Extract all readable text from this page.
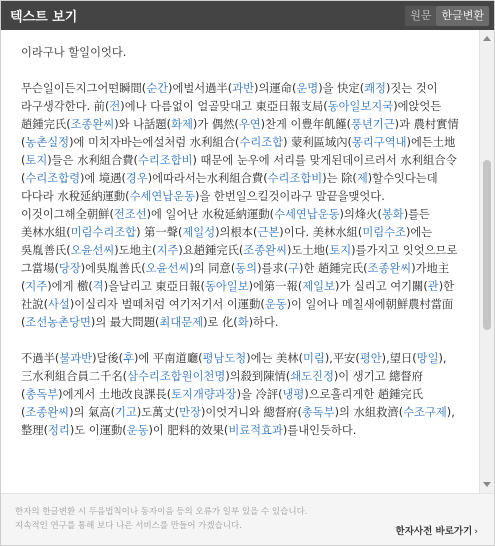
텍스트 보기	원문 한글변환

이라구나 할일이엇다.

무슨일이든지그어떤瞬間(순간)에벌서過半(과반)의運命(운명)을 快定(쾌정)짓는 것이 라구생각한다. 前(전)에나 다름없이 얼골맞대고 東亞日報支局(동아일보지국)에앉엇든 趙鍾完氏(조종완씨)와 나話題(화제)가 偶然(우연)찬게 이豊年飢饉(풍년기근)과 農村實情(농촌실정)에 미치자바는에설처럼 水利組合(수리조합) 蒙利區域內(몽리구역내)에든土地(토지)들은 水利組合費(수리조합비) 때문에 눈우에 서리를 맞게된데이르러서 水利組合令(수리조합령)에 境遇(경우)에따라서는水利組合費(수리조합비)는 除(제)할수잇다는데 다다라 水稅延納運動(수세연납운동)을 한번일으킬것이라구 말끝을맺엇다. 이것이그해全朝鮮(전조선)에 일어난 水稅延納運動(수세연납운동)의烽火(봉화)를든 美林水組(미림수리조합) 第一聲(제일성)의根本(근본)이다. 美林水組(미림수조)에는 吳胤善氏(오윤선씨)도地主(지주)요趙鍾完氏(조종완씨)도土地(토지)를가지고 잇엇으므로 그當場(당장)에吳胤善氏(오윤선씨)의 同意(동의)를求(구)한 趙鍾完氏(조종완씨)가地主(지주)에게 檄(격)을날리고 東亞日報(동아일보)에第一報(제일보)가 실리고 여기關(관)한 社說(사설)이실리자 벌떼처럼 여기저기서 이運動(운동)이 일어나 메칠새에朝鮮農村當面(조선농촌당면)의 最大問題(최대문제)로 化(화)하다.

不過半(불과반)달後(후)에 平南道廳(평남도청)에는 美林(미림),平安(평안),望日(망일),三水利組合員二千名(삼수리조합원이천명)의殺到陳情(쇄도진정)이 생기고 總督府(총독부)에게서 土地改良課長(토지개량과장)을 冷評(냉평)으로흘리게한 趙鍾完氏(조종완씨)의 氣高(기고)도萬丈(만장)이엇거니와 總督府(총독부)의 水組救濟(수조구제),整理(정리)도 이運動(운동)이 肥料的效果(비료적효과)를내인듯하다.

한자의 한글변환 시 두음법칙이나 동자이음 등의 오류가 일부 있을 수 있습니다.
지속적인 연구를 통해 보다 나은 서비스를 만들어 가겠습니다.	한자사전 바로가기 ›
